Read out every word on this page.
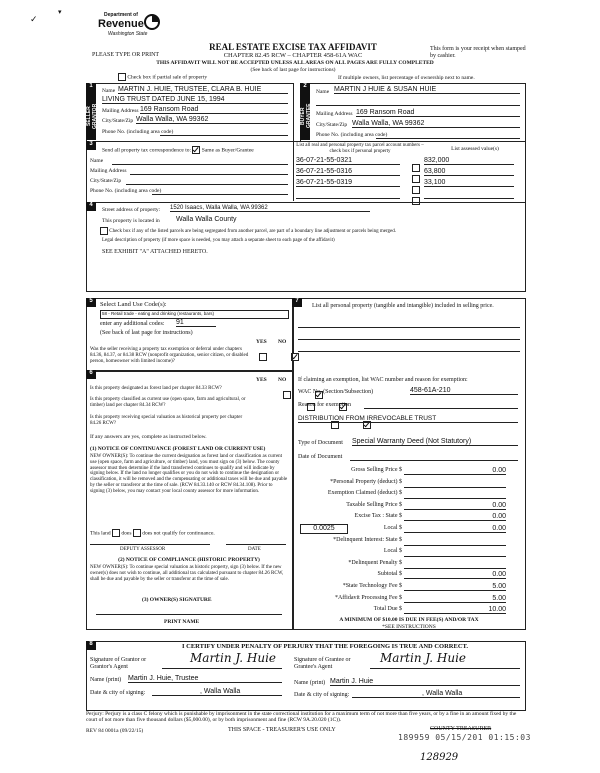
✓
▾	Department of
Revenue
Washington State
PLEASE TYPE OR PRINT
REAL ESTATE EXCISE TAX AFFIDAVIT
CHAPTER 82.45 RCW – CHAPTER 458-61A WAC
THIS AFFIDAVIT WILL NOT BE ACCEPTED UNLESS ALL AREAS ON ALL PAGES ARE FULLY COMPLETED
(See back of last page for instructions)
This form is your receipt when stamped by cashier.
Check box if partial sale of property	If multiple owners, list percentage of ownership next to name.
1
SELLER GRANTOR
Name MARTIN J. HUIE, TRUSTEE, CLARA B. HUIE
LIVING TRUST DATED JUNE 15, 1994
Mailing Address 169 Ransom Road
City/State/Zip Walla Walla, WA 99362
Phone No. (including area code)
2
BUYER GRANTEE
Name MARTIN J HUIE & SUSAN HUIE
Mailing Address 169 Ransom Road
City/State/Zip Walla Walla, WA 99362
Phone No. (including area code)
3
Send all property tax correspondence to: Same as Buyer/Grantee
Name
Mailing Address
City/State/Zip
Phone No. (including area code)
List all real and personal property tax parcel account numbers – check box if personal property	List assessed value(s)
36-07-21-55-0321	832,000
36-07-21-55-0316	63,800
36-07-21-55-0319	33,100
4
Street address of property: 1520 Isaacs, Walla Walla, WA 99362
This property is located in Walla Walla County
Check box if any of the listed parcels are being segregated from another parcel, are part of a boundary line adjustment or parcels being merged.
Legal description of property (if more space is needed, you may attach a separate sheet to each page of the affidavit)
SEE EXHIBIT "A" ATTACHED HERETO.
5	Select Land Use Code(s):
58 - Retail trade - eating and drinking (restaurants, bars)
enter any additional codes: 91
(See back of last page for instructions)
YES NO
Was the seller receiving a property tax exemption or deferral under chapters 84.36, 84.37, or 84.38 RCW (nonprofit organization, senior citizen, or disabled person, homeowner with limited income)?

6
YES NO
Is this property designated as forest land per chapter 84.33 RCW?

Is this property classified as current use (open space, farm and agricultural, or timber) land per chapter 84.34 RCW?

Is this property receiving special valuation as historical property per chapter 84.26 RCW?

If any answers are yes, complete as instructed below.
(1) NOTICE OF CONTINUANCE (FOREST LAND OR CURRENT USE)
NEW OWNER(S): To continue the current designation as forest land or classification as current use (open space, farm and agriculture, or timber) land, you must sign on (3) below. The county assessor must then determine if the land transferred continues to qualify and will indicate by signing below. If the land no longer qualifies or you do not wish to continue the designation or classification, it will be removed and the compensating or additional taxes will be due and payable by the seller or transferor at the time of sale. (RCW 84.33.140 or RCW 84.34.108). Prior to signing (3) below, you may contact your local county assessor for more information.
This land does does not qualify for continuance.
DEPUTY ASSESSOR	DATE
(2) NOTICE OF COMPLIANCE (HISTORIC PROPERTY)
NEW OWNER(S): To continue special valuation as historic property, sign (3) below. If the new owner(s) does not wish to continue, all additional tax calculated pursuant to chapter 84.26 RCW, shall be due and payable by the seller or transferor at the time of sale.
(3) OWNER(S) SIGNATURE
PRINT NAME
7
List all personal property (tangible and intangible) included in selling price.
If claiming an exemption, list WAC number and reason for exemption:
WAC No. (Section/Subsection)	458-61A-210
Reason for exemption
DISTRIBUTION FROM IRREVOCABLE TRUST
Type of Document Special Warranty Deed (Not Statutory)
Date of Document
Gross Selling Price $	0.00
*Personal Property (deduct) $
Exemption Claimed (deduct) $
Taxable Selling Price $	0.00
Excise Tax : State $	0.00
0.0025	Local $	0.00
*Delinquent Interest: State $
Local $
*Delinquent Penalty $
Subtotal $	0.00
*State Technology Fee $	5.00
*Affidavit Processing Fee $	5.00
Total Due $	10.00
A MINIMUM OF $10.00 IS DUE IN FEE(S) AND/OR TAX
*SEE INSTRUCTIONS
8	I CERTIFY UNDER PENALTY OF PERJURY THAT THE FOREGOING IS TRUE AND CORRECT.
Signature of Grantor or Grantor's Agent
Martin J. Huie	Signature of Grantee or Grantee's Agent
Martin J. Huie
Name (print) Martin J. Huie, Trustee
Name (print) Martin J. Huie
Date & city of signing:	, Walla Walla	Date & city of signing:	, Walla Walla
Perjury: Perjury is a class C felony which is punishable by imprisonment in the state correctional institution for a maximum term of not more than five years, or by a fine in an amount fixed by the court of not more than five thousand dollars ($5,000.00), or by both imprisonment and fine (RCW 9A.20.020 (1C)).
REV 84 0001a (09/22/15)	THIS SPACE - TREASURER'S USE ONLY	COUNTY TREASURER
189959 05/15/201 01:15:03
128929
